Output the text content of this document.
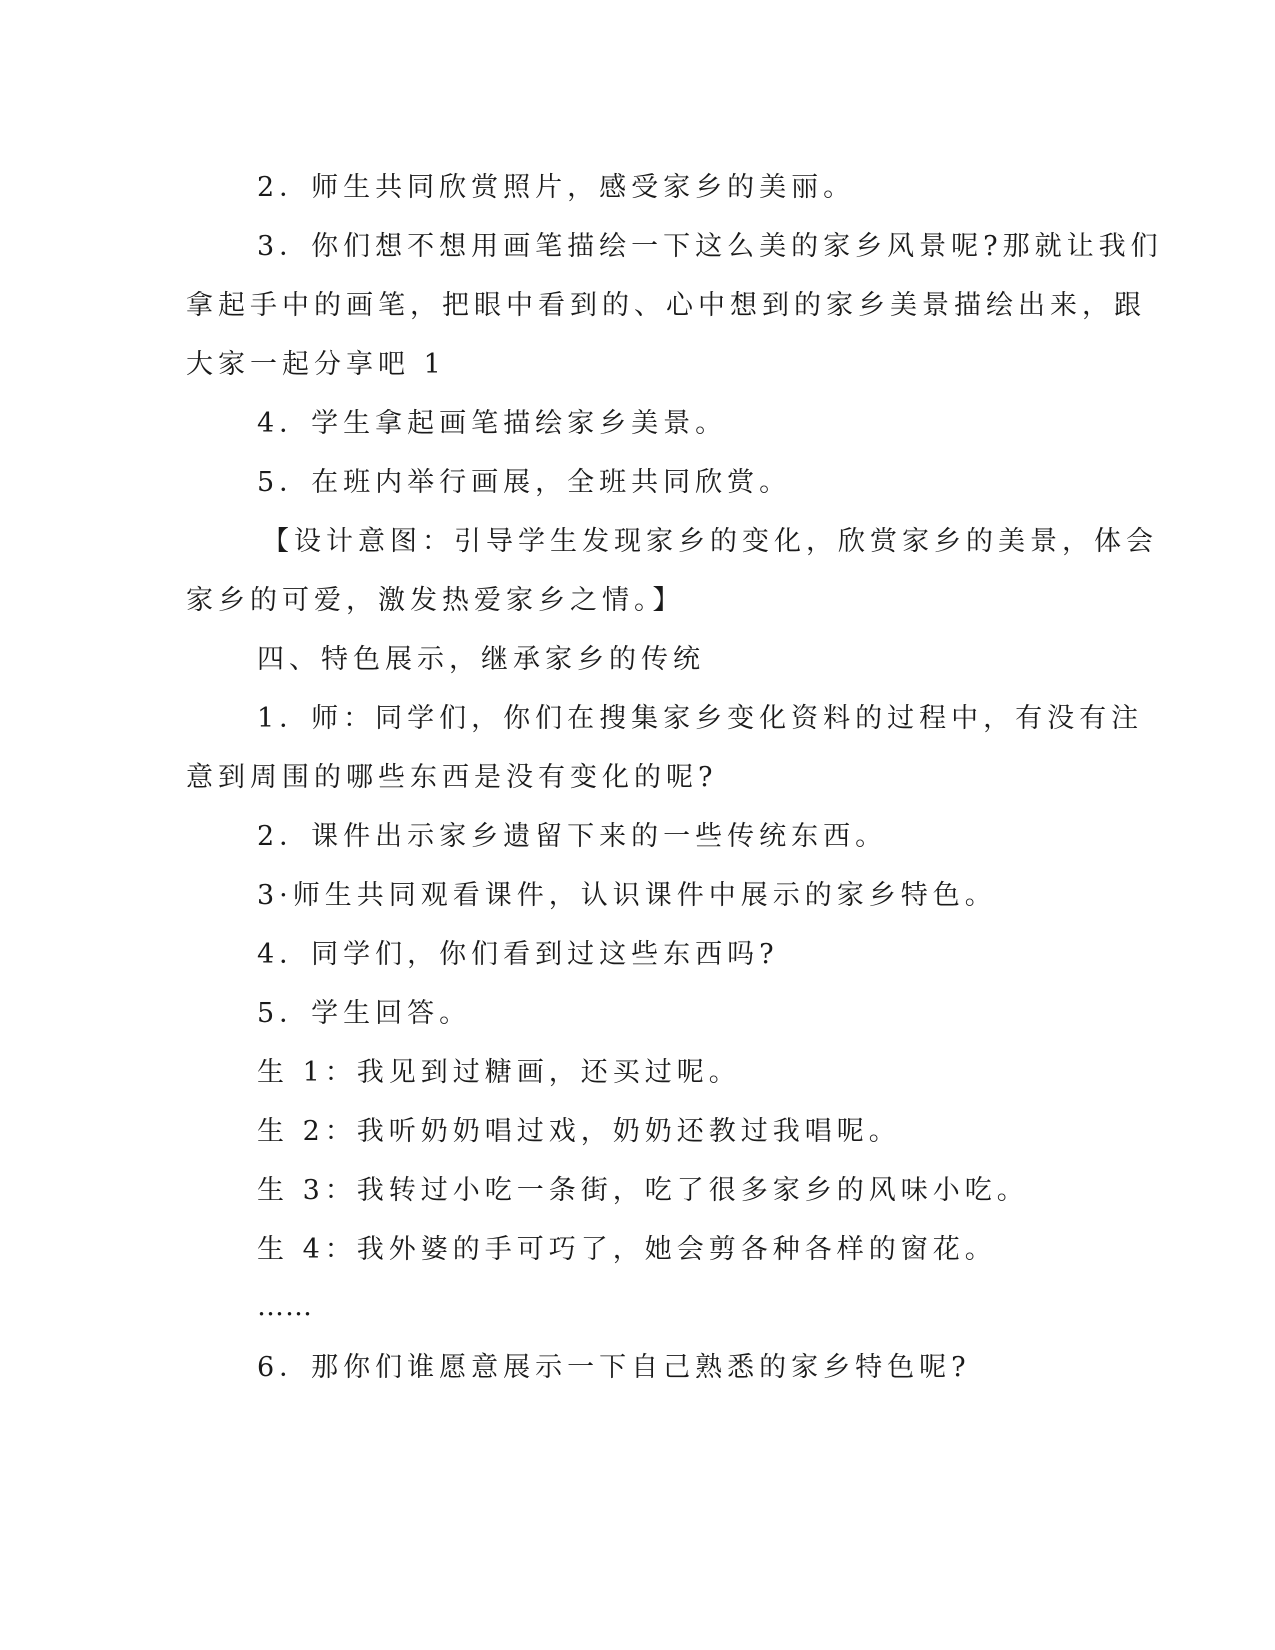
2．师生共同欣赏照片，感受家乡的美丽。
3．你们想不想用画笔描绘一下这么美的家乡风景呢?那就让我们
拿起手中的画笔，把眼中看到的、心中想到的家乡美景描绘出来，跟
大家一起分享吧 1
4．学生拿起画笔描绘家乡美景。
5．在班内举行画展，全班共同欣赏。
【设计意图：引导学生发现家乡的变化，欣赏家乡的美景，体会
家乡的可爱，激发热爱家乡之情。】
四、特色展示，继承家乡的传统
1．师：同学们，你们在搜集家乡变化资料的过程中，有没有注
意到周围的哪些东西是没有变化的呢?
2．课件出示家乡遗留下来的一些传统东西。
3·师生共同观看课件，认识课件中展示的家乡特色。
4．同学们，你们看到过这些东西吗?
5．学生回答。
生 1：我见到过糖画，还买过呢。
生 2：我听奶奶唱过戏，奶奶还教过我唱呢。
生 3：我转过小吃一条街，吃了很多家乡的风味小吃。
生 4：我外婆的手可巧了，她会剪各种各样的窗花。
……
6．那你们谁愿意展示一下自己熟悉的家乡特色呢?
